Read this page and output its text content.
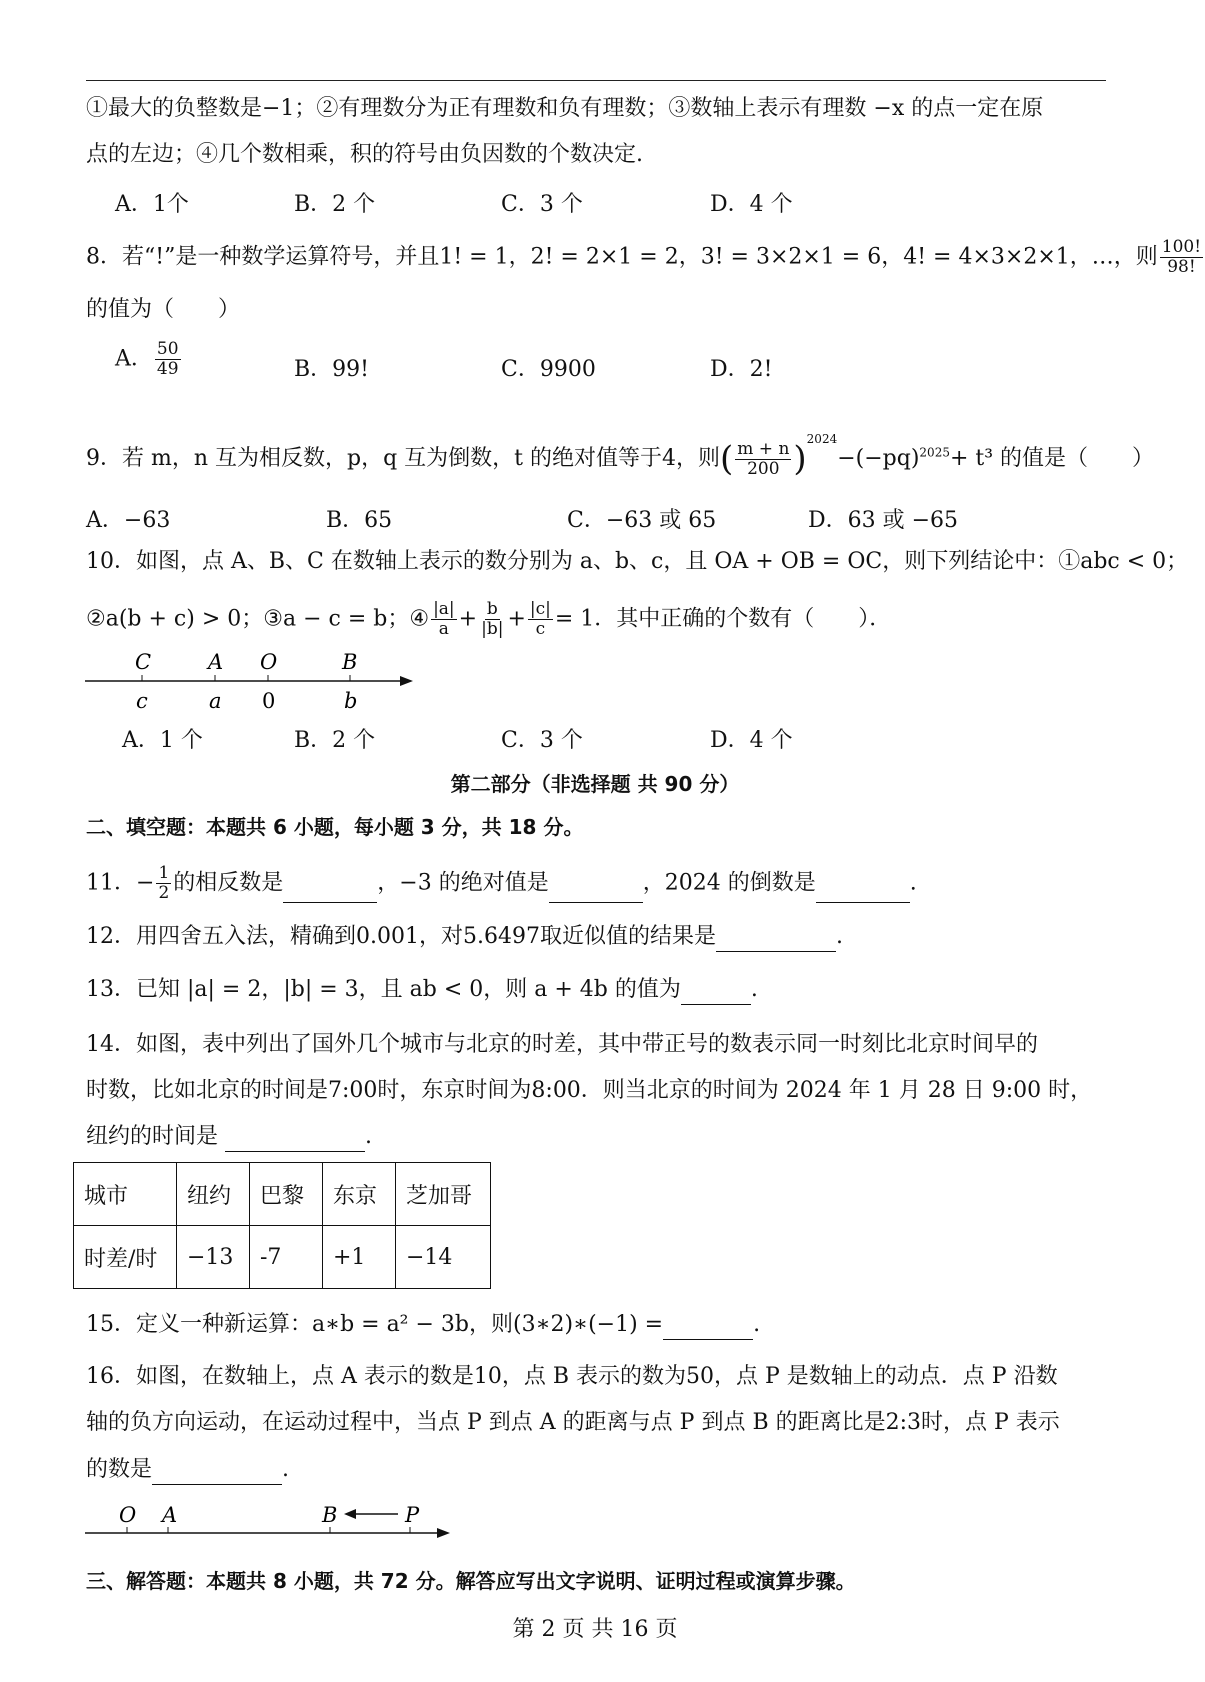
①最大的负整数是−1；②有理数分为正有理数和负有理数；③数轴上表示有理数 −x 的点一定在原
点的左边；④几个数相乘，积的符号由负因数的个数决定.
A．1个	B．2 个	C．3 个	D．4 个
8．若“!”是一种数学运算符号，并且1! = 1，2! = 2×1 = 2，3! = 3×2×1 = 6，4! = 4×3×2×1，…，则 $\frac{100!}{98!}$
的值为（　　）
A． $\frac{50}{49}$	B．99!	C．9900	D．2!
9．若 m，n 互为相反数，p，q 互为倒数，t 的绝对值等于4，则( $\frac{m + n}{200} )^{2024}-(-pq)^{2025}+ t^3$ 的值是（　　）
A．−63	B．65	C．−63 或 65	D．63 或 −65
10．如图，点 A、B、C 在数轴上表示的数分别为 a、b、c，且 OA + OB = OC，则下列结论中：①abc < 0；
②a(b + c) > 0；③a − c = b；④ $\frac{|a|}{a} + \frac{b}{|b|} + \frac{|c|}{c} = 1$．其中正确的个数有（　　）．
C	A O	B
c	a 0	b
A．1 个	B．2 个	C．3 个	D．4 个
第二部分（非选择题 共 90 分）
二、填空题：本题共 6 小题，每小题 3 分，共 18 分。
11．− $\frac{1}{2}$ 的相反数是	，−3 的绝对值是	，2024 的倒数是	.
12．用四舍五入法，精确到0.001，对5.6497取近似值的结果是	.
13．已知 |a| = 2，|b| = 3，且 ab < 0，则 a + 4b 的值为	.
14．如图，表中列出了国外几个城市与北京的时差，其中带正号的数表示同一时刻比北京时间早的
时数，比如北京的时间是7:00时，东京时间为8:00．则当北京的时间为 2024 年 1 月 28 日 9:00 时，
纽约的时间是	.
城市	纽约	巴黎	东京	芝加哥
时差/时	−13	-7	+1	−14
15．定义一种新运算：a∗b = a² − 3b，则(3∗2)∗(−1) =	.
16．如图，在数轴上，点 A 表示的数是10，点 B 表示的数为50，点 P 是数轴上的动点．点 P 沿数
轴的负方向运动，在运动过程中，当点 P 到点 A 的距离与点 P 到点 B 的距离比是2:3时，点 P 表示
的数是	.
O A	B	P
三、解答题：本题共 8 小题，共 72 分。解答应写出文字说明、证明过程或演算步骤。
第 2 页 共 16 页
